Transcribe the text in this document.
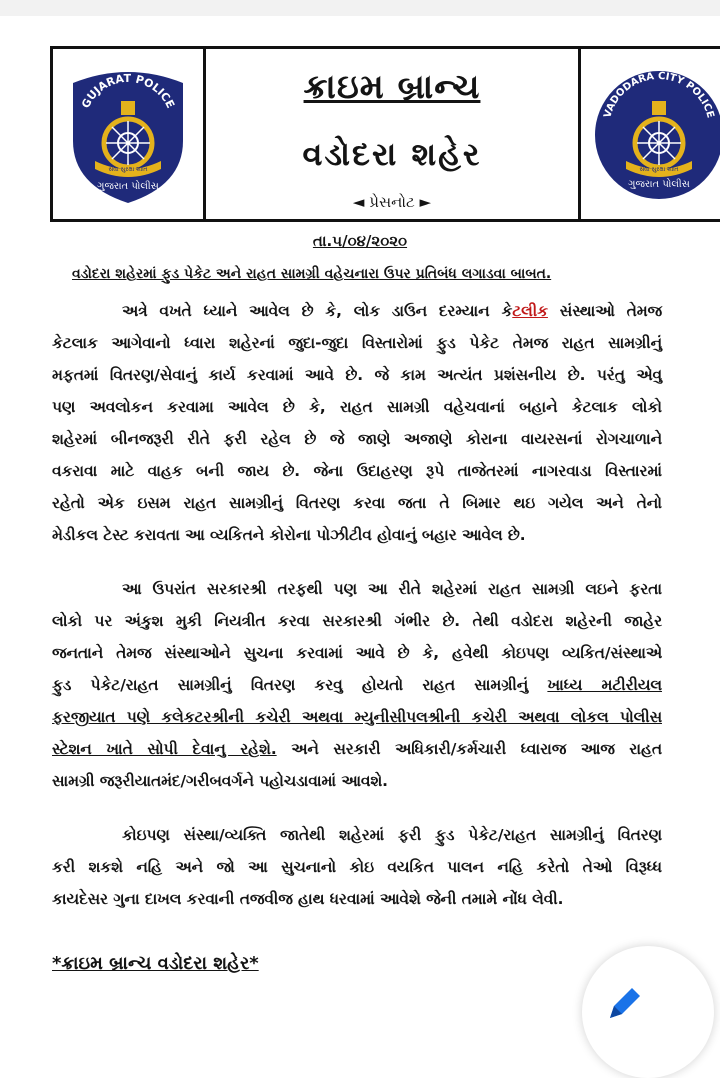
GUJARAT POLICE
સેવા સુરક્ષા શાંતિ
ગુજરાત પોલીસ
ક્રાઇમ બ્રાન્ચ
વડોદરા શહેર
◄ પ્રેસનોટ ►
VADODARA CITY POLICE
સેવા સુરક્ષા શાંતિ
ગુજરાત પોલીસ
તા.૫/૦૪/૨૦૨૦
વડોદરા શહેરમાં ફુડ પેકેટ અને રાહત સામગ્રી વહેચનારા ઉપર પ્રતિબંધ લગાડવા બાબત.
અત્રે વખતે ધ્યાને આવેલ છે કે, લોક ડાઉન દરમ્યાન કેટલીક સંસ્થાઓ તેમજ
કેટલાક આગેવાનો ધ્વારા શહેરનાં જુદા-જુદા વિસ્તારોમાં ફુડ પેકેટ તેમજ રાહત સામગ્રીનું
મફતમાં વિતરણ/સેવાનું કાર્ય કરવામાં આવે છે. જે કામ અત્યંત પ્રશંસનીય છે. પરંતુ એવુ
પણ અવલોકન કરવામા આવેલ છે કે, રાહત સામગ્રી વહેચવાનાં બહાને કેટલાક લોકો
શહેરમાં બીનજરૂરી રીતે ફરી રહેલ છે જે જાણે અજાણે કોરાના વાયરસનાં રોગચાળાને
વકરાવા માટે વાહક બની જાય છે. જેના ઉદાહરણ રૂપે તાજેતરમાં નાગરવાડા વિસ્તારમાં
રહેતો એક ઇસમ રાહત સામગ્રીનું વિતરણ કરવા જતા તે બિમાર થઇ ગયેલ અને તેનો
મેડીકલ ટેસ્ટ કરાવતા આ વ્યકિતને કોરોના પોઝીટીવ હોવાનું બહાર આવેલ છે.
આ ઉપરાંત સરકારશ્રી તરફથી પણ આ રીતે શહેરમાં રાહત સામગ્રી લઇને ફરતા
લોકો પર અંકુશ મુકી નિયત્રીત કરવા સરકારશ્રી ગંભીર છે. તેથી વડોદરા શહેરની જાહેર
જનતાને તેમજ સંસ્થાઓને સુચના કરવામાં આવે છે કે, હવેથી કોઇપણ વ્યકિત/સંસ્થાએ
ફુડ પેકેટ/રાહત સામગ્રીનું વિતરણ કરવુ હોયતો રાહત સામગ્રીનું ખાધ્ય મટીરીયલ
ફરજીયાત પણે કલેકટરશ્રીની કચેરી અથવા મ્યુનીસીપલશ્રીની કચેરી અથવા લોકલ પોલીસ
સ્ટેશન ખાતે સોપી દેવાનુ રહેશે. અને સરકારી અધિકારી/કર્મચારી ધ્વારાજ આજ રાહત
સામગ્રી જરૂરીયાતમંદ/ગરીબવર્ગને પહોચડાવામાં આવશે.
કોઇપણ સંસ્થા/વ્યક્તિ જાતેથી શહેરમાં ફરી ફુડ પેકેટ/રાહત સામગ્રીનું વિતરણ
કરી શકશે નહિ અને જો આ સુચનાનો કોઇ વયકિત પાલન નહિ કરેતો તેઓ વિરૂધ્ધ
કાયદેસર ગુના દાખલ કરવાની તજવીજ હાથ ધરવામાં આવેશે જેની તમામે નોંધ લેવી.
*ક્રાઇમ બ્રાન્ચ વડોદરા શહેર*
